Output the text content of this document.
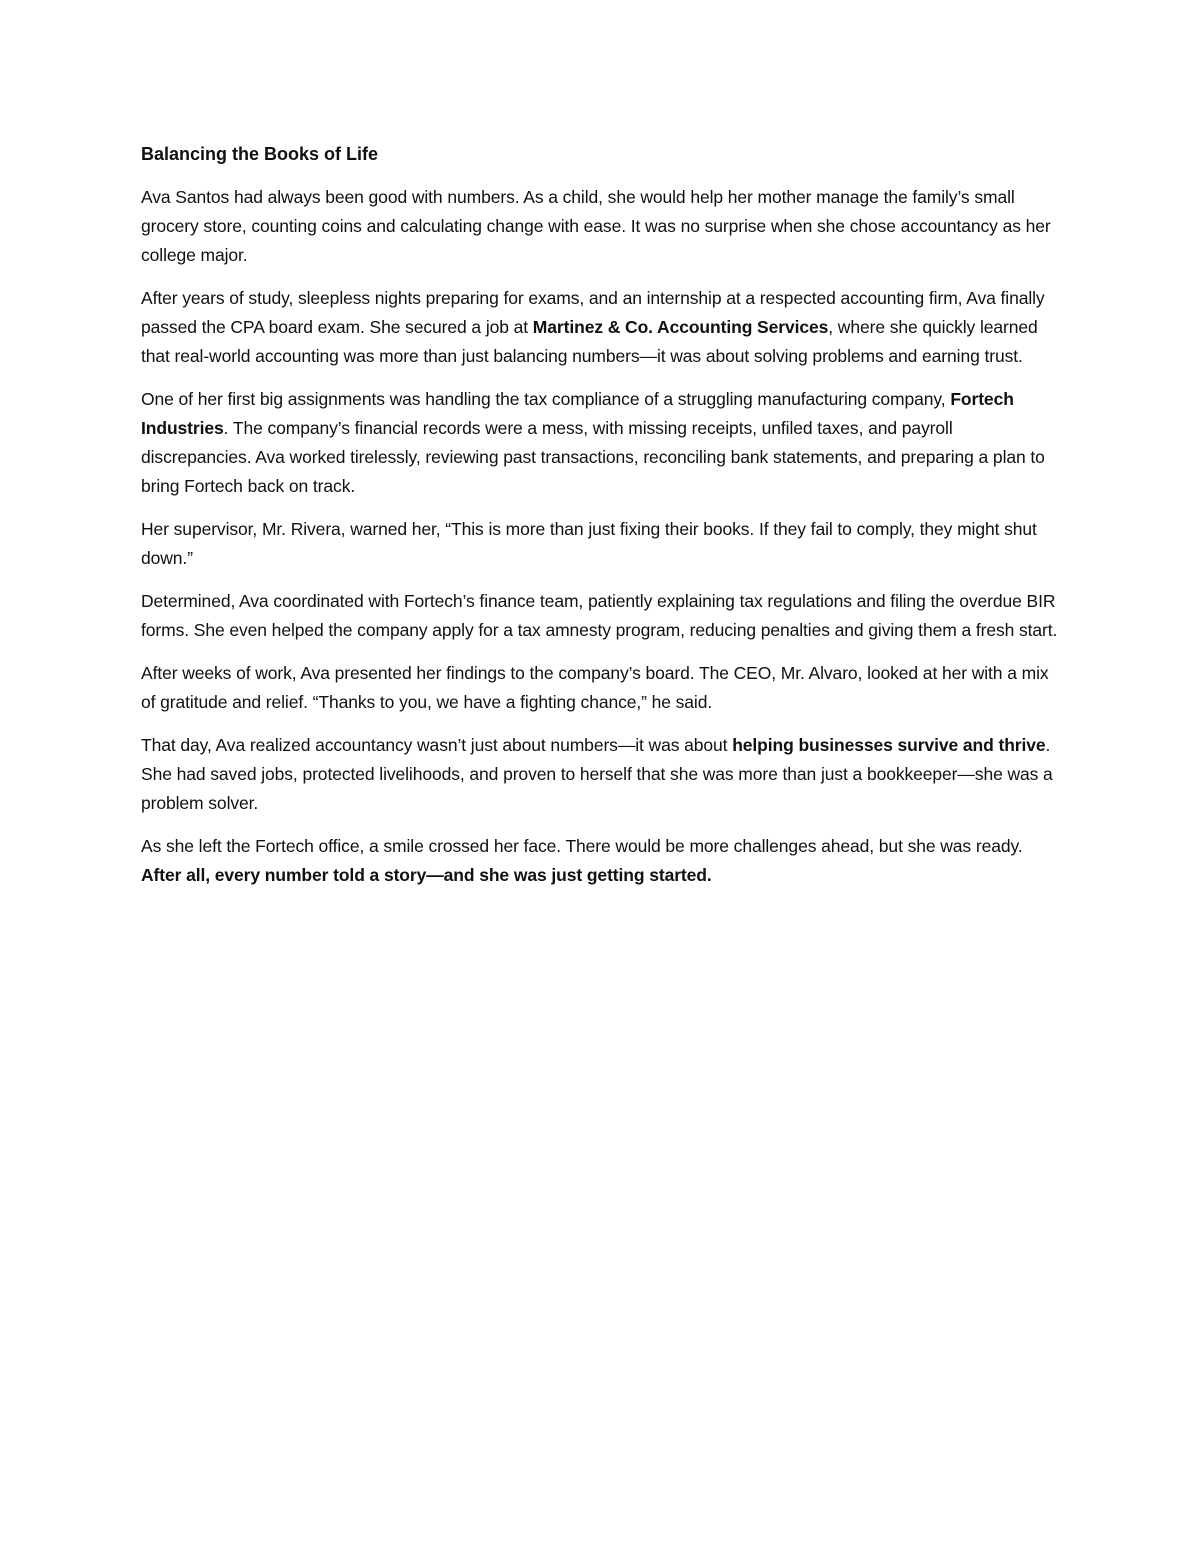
Balancing the Books of Life

Ava Santos had always been good with numbers. As a child, she would help her mother manage the family’s small grocery store, counting coins and calculating change with ease. It was no surprise when she chose accountancy as her college major.

After years of study, sleepless nights preparing for exams, and an internship at a respected accounting firm, Ava finally passed the CPA board exam. She secured a job at Martinez & Co. Accounting Services, where she quickly learned that real-world accounting was more than just balancing numbers—it was about solving problems and earning trust.

One of her first big assignments was handling the tax compliance of a struggling manufacturing company, Fortech Industries. The company’s financial records were a mess, with missing receipts, unfiled taxes, and payroll discrepancies. Ava worked tirelessly, reviewing past transactions, reconciling bank statements, and preparing a plan to bring Fortech back on track.

Her supervisor, Mr. Rivera, warned her, “This is more than just fixing their books. If they fail to comply, they might shut down.”

Determined, Ava coordinated with Fortech’s finance team, patiently explaining tax regulations and filing the overdue BIR forms. She even helped the company apply for a tax amnesty program, reducing penalties and giving them a fresh start.

After weeks of work, Ava presented her findings to the company’s board. The CEO, Mr. Alvaro, looked at her with a mix of gratitude and relief. “Thanks to you, we have a fighting chance,” he said.

That day, Ava realized accountancy wasn’t just about numbers—it was about helping businesses survive and thrive. She had saved jobs, protected livelihoods, and proven to herself that she was more than just a bookkeeper—she was a problem solver.

As she left the Fortech office, a smile crossed her face. There would be more challenges ahead, but she was ready. After all, every number told a story—and she was just getting started.
